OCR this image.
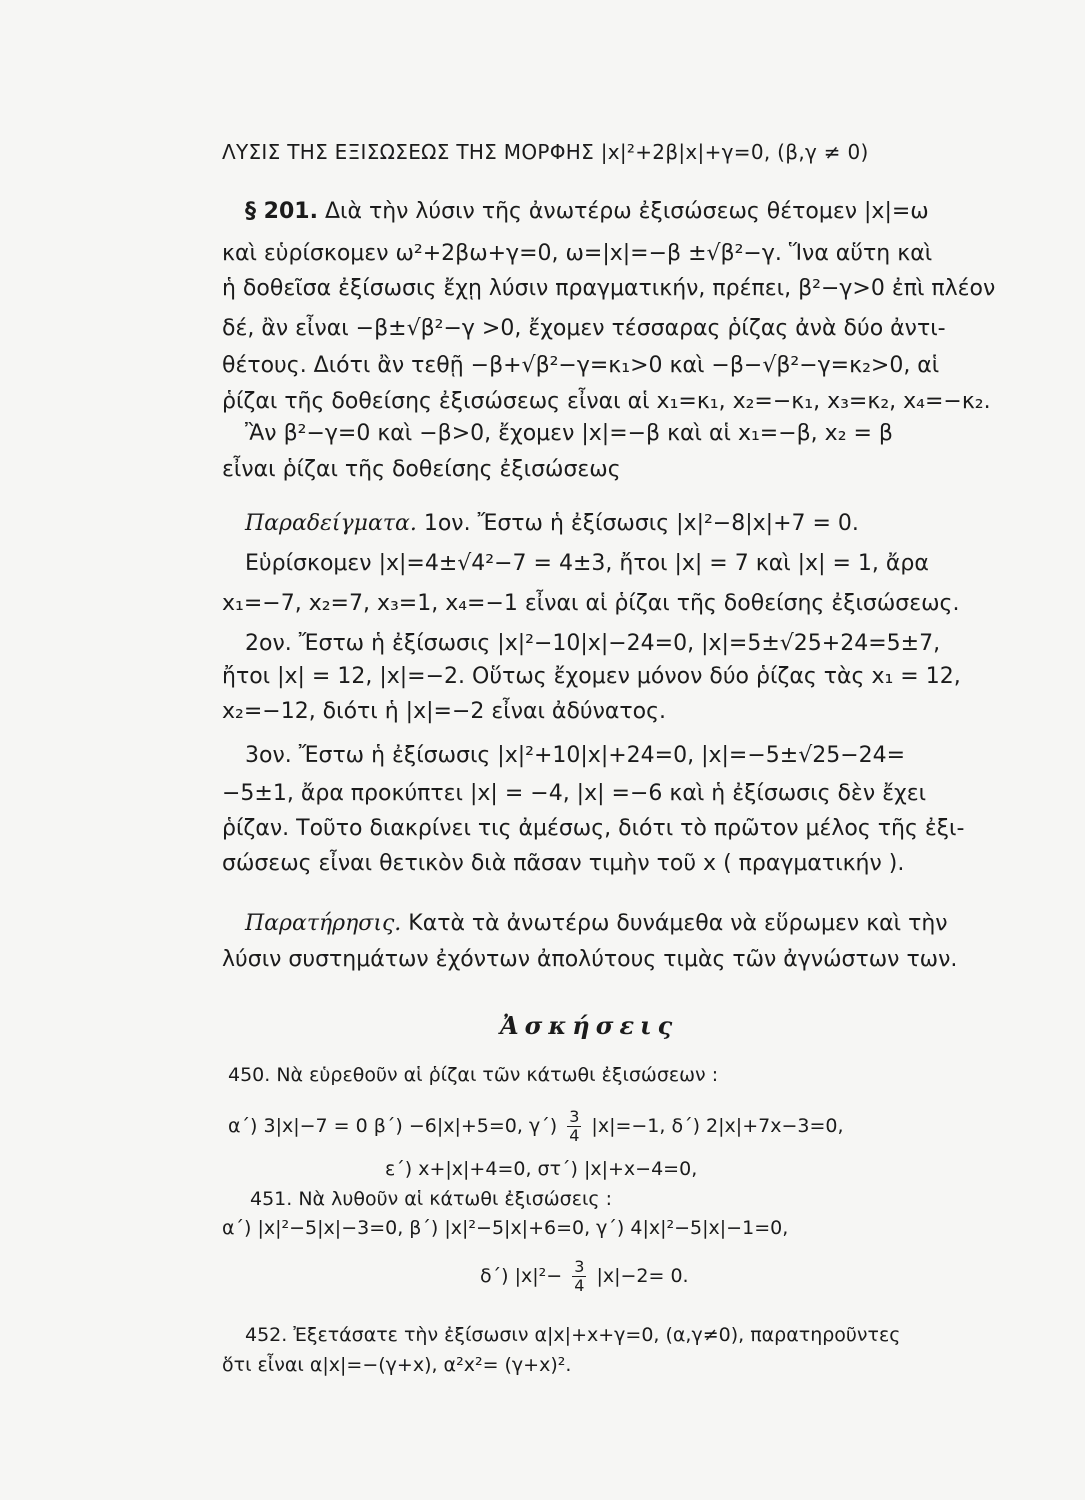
ΛΥΣΙΣ ΤΗΣ ΕΞΙΣΩΣΕΩΣ ΤΗΣ ΜΟΡΦΗΣ |x|²+2β|x|+γ=0, (β,γ ≠ 0)
§ 201. Διὰ τὴν λύσιν τῆς ἀνωτέρω ἐξισώσεως θέτομεν |x|=ω
καὶ εὑρίσκομεν ω²+2βω+γ=0, ω=|x|=−β ±√β²−γ. Ἵνα αὕτη καὶ
ἡ δοθεῖσα ἐξίσωσις ἔχῃ λύσιν πραγματικήν, πρέπει, β²−γ>0 ἐπὶ πλέον
δέ, ἂν εἶναι −β±√β²−γ >0, ἔχομεν τέσσαρας ῥίζας ἀνὰ δύο ἀντι-
θέτους. Διότι ἂν τεθῇ −β+√β²−γ=κ₁>0 καὶ −β−√β²−γ=κ₂>0, αἱ
ῥίζαι τῆς δοθείσης ἐξισώσεως εἶναι αἱ x₁=κ₁, x₂=−κ₁, x₃=κ₂, x₄=−κ₂.
Ἂν β²−γ=0 καὶ −β>0, ἔχομεν |x|=−β καὶ αἱ x₁=−β, x₂ = β
εἶναι ῥίζαι τῆς δοθείσης ἐξισώσεως
Παραδείγματα. 1ον. Ἔστω ἡ ἐξίσωσις |x|²−8|x|+7 = 0.
Εὑρίσκομεν |x|=4±√4²−7 = 4±3, ἤτοι |x| = 7 καὶ |x| = 1, ἄρα
x₁=−7, x₂=7, x₃=1, x₄=−1 εἶναι αἱ ῥίζαι τῆς δοθείσης ἐξισώσεως.
2ον. Ἔστω ἡ ἐξίσωσις |x|²−10|x|−24=0, |x|=5±√25+24=5±7,
ἤτοι |x| = 12, |x|=−2. Οὕτως ἔχομεν μόνον δύο ῥίζας τὰς x₁ = 12,
x₂=−12, διότι ἡ |x|=−2 εἶναι ἀδύνατος.
3ον. Ἔστω ἡ ἐξίσωσις |x|²+10|x|+24=0, |x|=−5±√25−24=
−5±1, ἄρα προκύπτει |x| = −4, |x| =−6 καὶ ἡ ἐξίσωσις δὲν ἔχει
ῥίζαν. Τοῦτο διακρίνει τις ἀμέσως, διότι τὸ πρῶτον μέλος τῆς ἐξι-
σώσεως εἶναι θετικὸν διὰ πᾶσαν τιμὴν τοῦ x ( πραγματικήν ).
Παρατήρησις. Κατὰ τὰ ἀνωτέρω δυνάμεθα νὰ εὕρωμεν καὶ τὴν
λύσιν συστημάτων ἐχόντων ἀπολύτους τιμὰς τῶν ἀγνώστων των.
Ἀσκήσεις
450. Νὰ εὑρεθοῦν αἱ ῥίζαι τῶν κάτωθι ἐξισώσεων :
α΄) 3|x|−7 = 0 β΄) −6|x|+5=0, $\gamma΄) \frac{3}{4} |x|=-1$, δ΄) 2|x|+7x−3=0,
ε΄) x+|x|+4=0, στ΄) |x|+x−4=0,
451. Νὰ λυθοῦν αἱ κάτωθι ἐξισώσεις :
α΄) |x|²−5|x|−3=0, β΄) |x|²−5|x|+6=0, γ΄) 4|x|²−5|x|−1=0,
δ΄) $|x|^2- \frac{3}{4} |x|-2= 0$.
452. Ἐξετάσατε τὴν ἐξίσωσιν α|x|+x+γ=0, (α,γ≠0), παρατηροῦντες
ὅτι εἶναι α|x|=−(γ+x), α²x²= (γ+x)².
